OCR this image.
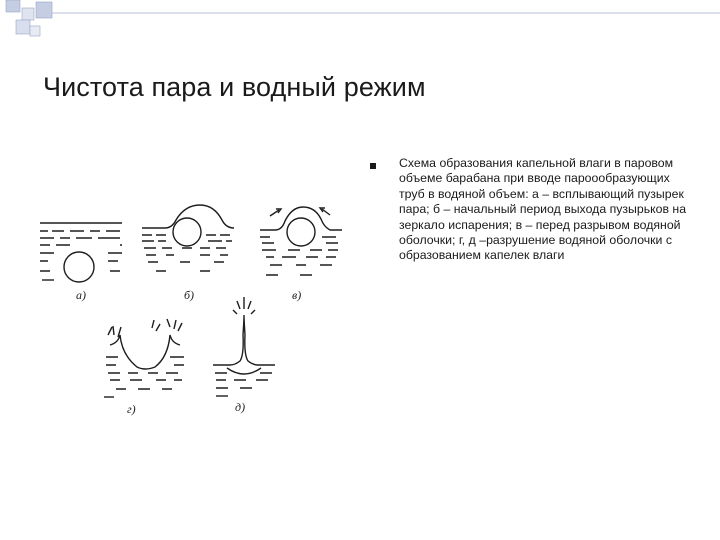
Чистота пара и водный режим
Схема образования капельной влаги в паровом объеме барабана при вводе пароообразующих труб в водяной объем: а – всплывающий пузырек пара; б – начальный период выхода пузырьков на зеркало испарения; в – перед разрывом водяной оболочки; г, д –разрушение водяной оболочки с образованием капелек влаги
а)	б)	в)
г)	д)
